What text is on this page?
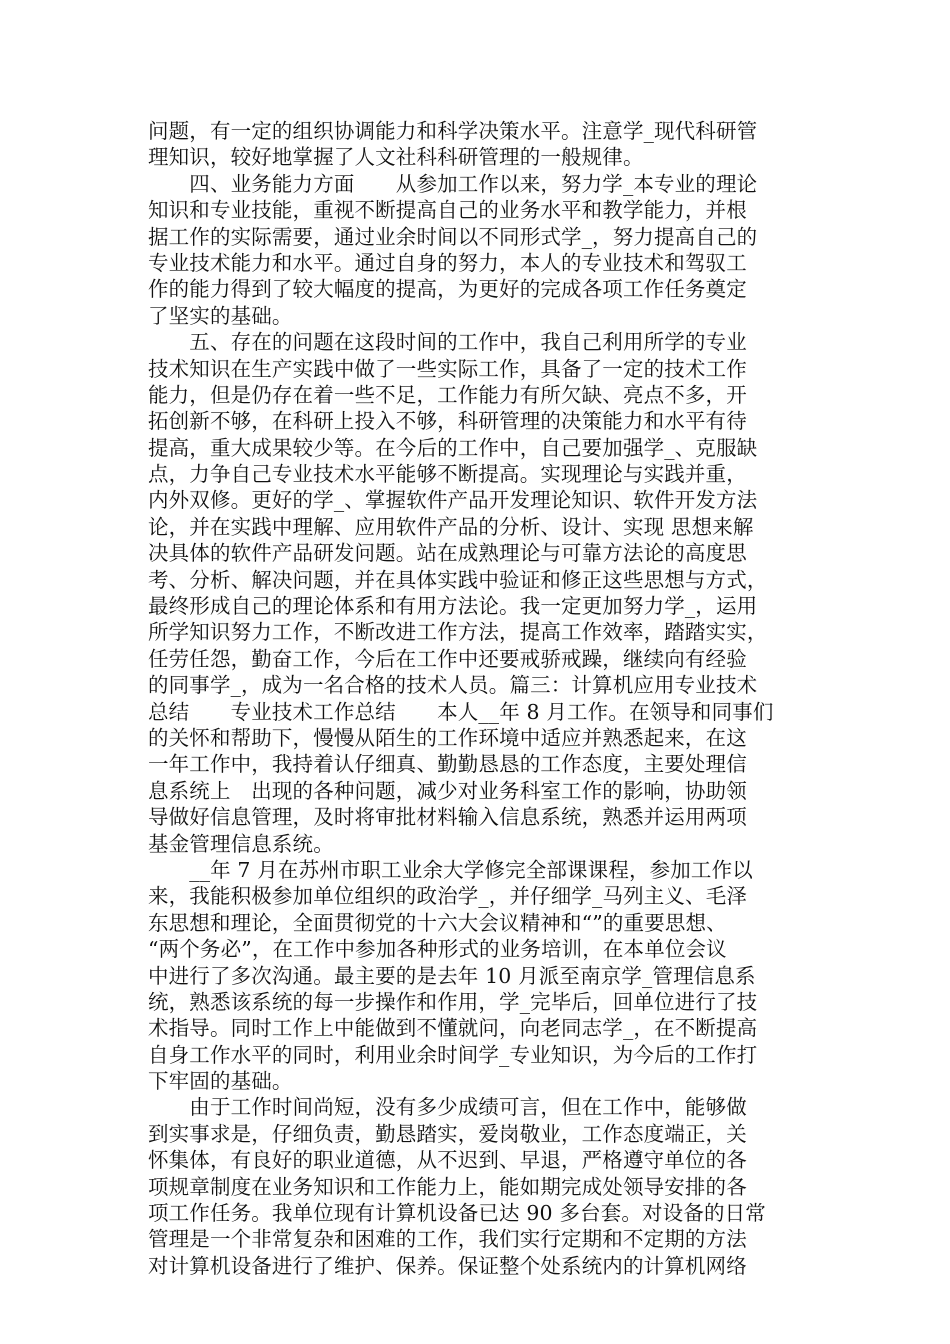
问题，有一定的组织协调能力和科学决策水平。注意学_现代科研管
理知识，较好地掌握了人文社科科研管理的一般规律。
　　四、业务能力方面　　从参加工作以来，努力学_本专业的理论
知识和专业技能，重视不断提高自己的业务水平和教学能力，并根
据工作的实际需要，通过业余时间以不同形式学_，努力提高自己的
专业技术能力和水平。通过自身的努力，本人的专业技术和驾驭工
作的能力得到了较大幅度的提高，为更好的完成各项工作任务奠定
了坚实的基础。
　　五、存在的问题在这段时间的工作中，我自己利用所学的专业
技术知识在生产实践中做了一些实际工作，具备了一定的技术工作
能力，但是仍存在着一些不足，工作能力有所欠缺、亮点不多，开
拓创新不够，在科研上投入不够，科研管理的决策能力和水平有待
提高，重大成果较少等。在今后的工作中，自己要加强学_、克服缺
点，力争自己专业技术水平能够不断提高。实现理论与实践并重，
内外双修。更好的学_、掌握软件产品开发理论知识、软件开发方法
论，并在实践中理解、应用软件产品的分析、设计、实现 思想来解
决具体的软件产品研发问题。站在成熟理论与可靠方法论的高度思
考、分析、解决问题，并在具体实践中验证和修正这些思想与方式，
最终形成自己的理论体系和有用方法论。我一定更加努力学_，运用
所学知识努力工作，不断改进工作方法，提高工作效率，踏踏实实，
任劳任怨，勤奋工作，今后在工作中还要戒骄戒躁，继续向有经验
的同事学_，成为一名合格的技术人员。篇三：计算机应用专业技术
总结　　专业技术工作总结　　本人__年 8 月工作。在领导和同事们
的关怀和帮助下，慢慢从陌生的工作环境中适应并熟悉起来，在这
一年工作中，我持着认仔细真、勤勤恳恳的工作态度，主要处理信
息系统上　出现的各种问题，减少对业务科室工作的影响，协助领
导做好信息管理，及时将审批材料输入信息系统，熟悉并运用两项
基金管理信息系统。
　　__年 7 月在苏州市职工业余大学修完全部课课程，参加工作以
来，我能积极参加单位组织的政治学_，并仔细学_马列主义、毛泽
东思想和理论，全面贯彻党的十六大会议精神和“”的重要思想、
“两个务必”，在工作中参加各种形式的业务培训，在本单位会议
中进行了多次沟通。最主要的是去年 10 月派至南京学_管理信息系
统，熟悉该系统的每一步操作和作用，学_完毕后，回单位进行了技
术指导。同时工作上中能做到不懂就问，向老同志学_，在不断提高
自身工作水平的同时，利用业余时间学_专业知识，为今后的工作打
下牢固的基础。
　　由于工作时间尚短，没有多少成绩可言，但在工作中，能够做
到实事求是，仔细负责，勤恳踏实，爱岗敬业，工作态度端正，关
怀集体，有良好的职业道德，从不迟到、早退，严格遵守单位的各
项规章制度在业务知识和工作能力上，能如期完成处领导安排的各
项工作任务。我单位现有计算机设备已达 90 多台套。对设备的日常
管理是一个非常复杂和困难的工作，我们实行定期和不定期的方法
对计算机设备进行了维护、保养。保证整个处系统内的计算机网络
